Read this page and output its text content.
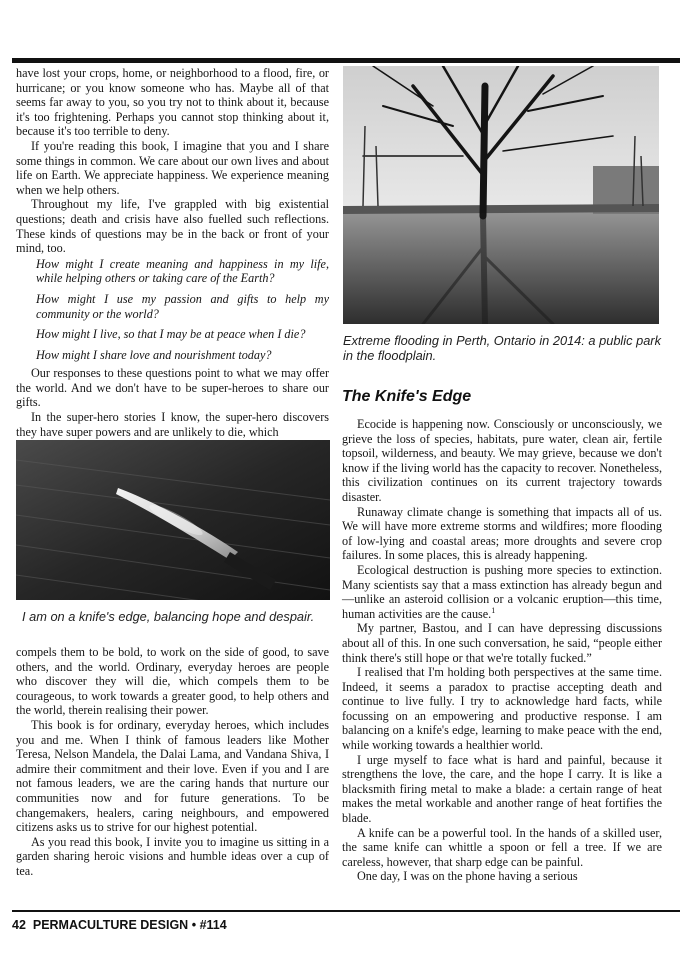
have lost your crops, home, or neighborhood to a flood, fire, or hurricane; or you know someone who has. Maybe all of that seems far away to you, so you try not to think about it, because it's too frightening. Perhaps you cannot stop thinking about it, because it's too terrible to deny.

If you're reading this book, I imagine that you and I share some things in common. We care about our own lives and about life on Earth. We appreciate happiness. We experience meaning when we help others.

Throughout my life, I've grappled with big existential questions; death and crisis have also fuelled such reflections. These kinds of questions may be in the back or front of your mind, too.

How might I create meaning and happiness in my life, while helping others or taking care of the Earth?

How might I use my passion and gifts to help my community or the world?

How might I live, so that I may be at peace when I die?

How might I share love and nourishment today?

Our responses to these questions point to what we may offer the world. And we don't have to be super-heroes to share our gifts.

In the super-hero stories I know, the super-hero discovers they have super powers and are unlikely to die, which

I am on a knife's edge, balancing hope and despair.

compels them to be bold, to work on the side of good, to save others, and the world. Ordinary, everyday heroes are people who discover they will die, which compels them to be courageous, to work towards a greater good, to help others and the world, therein realising their power.

This book is for ordinary, everyday heroes, which includes you and me. When I think of famous leaders like Mother Teresa, Nelson Mandela, the Dalai Lama, and Vandana Shiva, I admire their commitment and their love. Even if you and I are not famous leaders, we are the caring hands that nurture our communities now and for future generations. To be changemakers, healers, caring neighbours, and empowered citizens asks us to strive for our highest potential.

As you read this book, I invite you to imagine us sitting in a garden sharing heroic visions and humble ideas over a cup of tea.

Extreme flooding in Perth, Ontario in 2014: a public park in the floodplain.
The Knife's Edge

Ecocide is happening now. Consciously or unconsciously, we grieve the loss of species, habitats, pure water, clean air, fertile topsoil, wilderness, and beauty. We may grieve, because we don't know if the living world has the capacity to recover. Nonetheless, this civilization continues on its current trajectory towards disaster.

Runaway climate change is something that impacts all of us. We will have more extreme storms and wildfires; more flooding of low-lying and coastal areas; more droughts and severe crop failures. In some places, this is already happening.

Ecological destruction is pushing more species to extinction. Many scientists say that a mass extinction has already begun and—unlike an asteroid collision or a volcanic eruption—this time, human activities are the cause.$^1$

My partner, Bastou, and I can have depressing discussions about all of this. In one such conversation, he said, “people either think there's still hope or that we're totally fucked.”

I realised that I'm holding both perspectives at the same time. Indeed, it seems a paradox to practise accepting death and continue to live fully. I try to acknowledge hard facts, while focussing on an empowering and productive response. I am balancing on a knife's edge, learning to make peace with the end, while working towards a healthier world.

I urge myself to face what is hard and painful, because it strengthens the love, the care, and the hope I carry. It is like a blacksmith firing metal to make a blade: a certain range of heat makes the metal workable and another range of heat fortifies the blade.

A knife can be a powerful tool. In the hands of a skilled user, the same knife can whittle a spoon or fell a tree. If we are careless, however, that sharp edge can be painful.

One day, I was on the phone having a serious

42 PERMACULTURE DESIGN • #114
